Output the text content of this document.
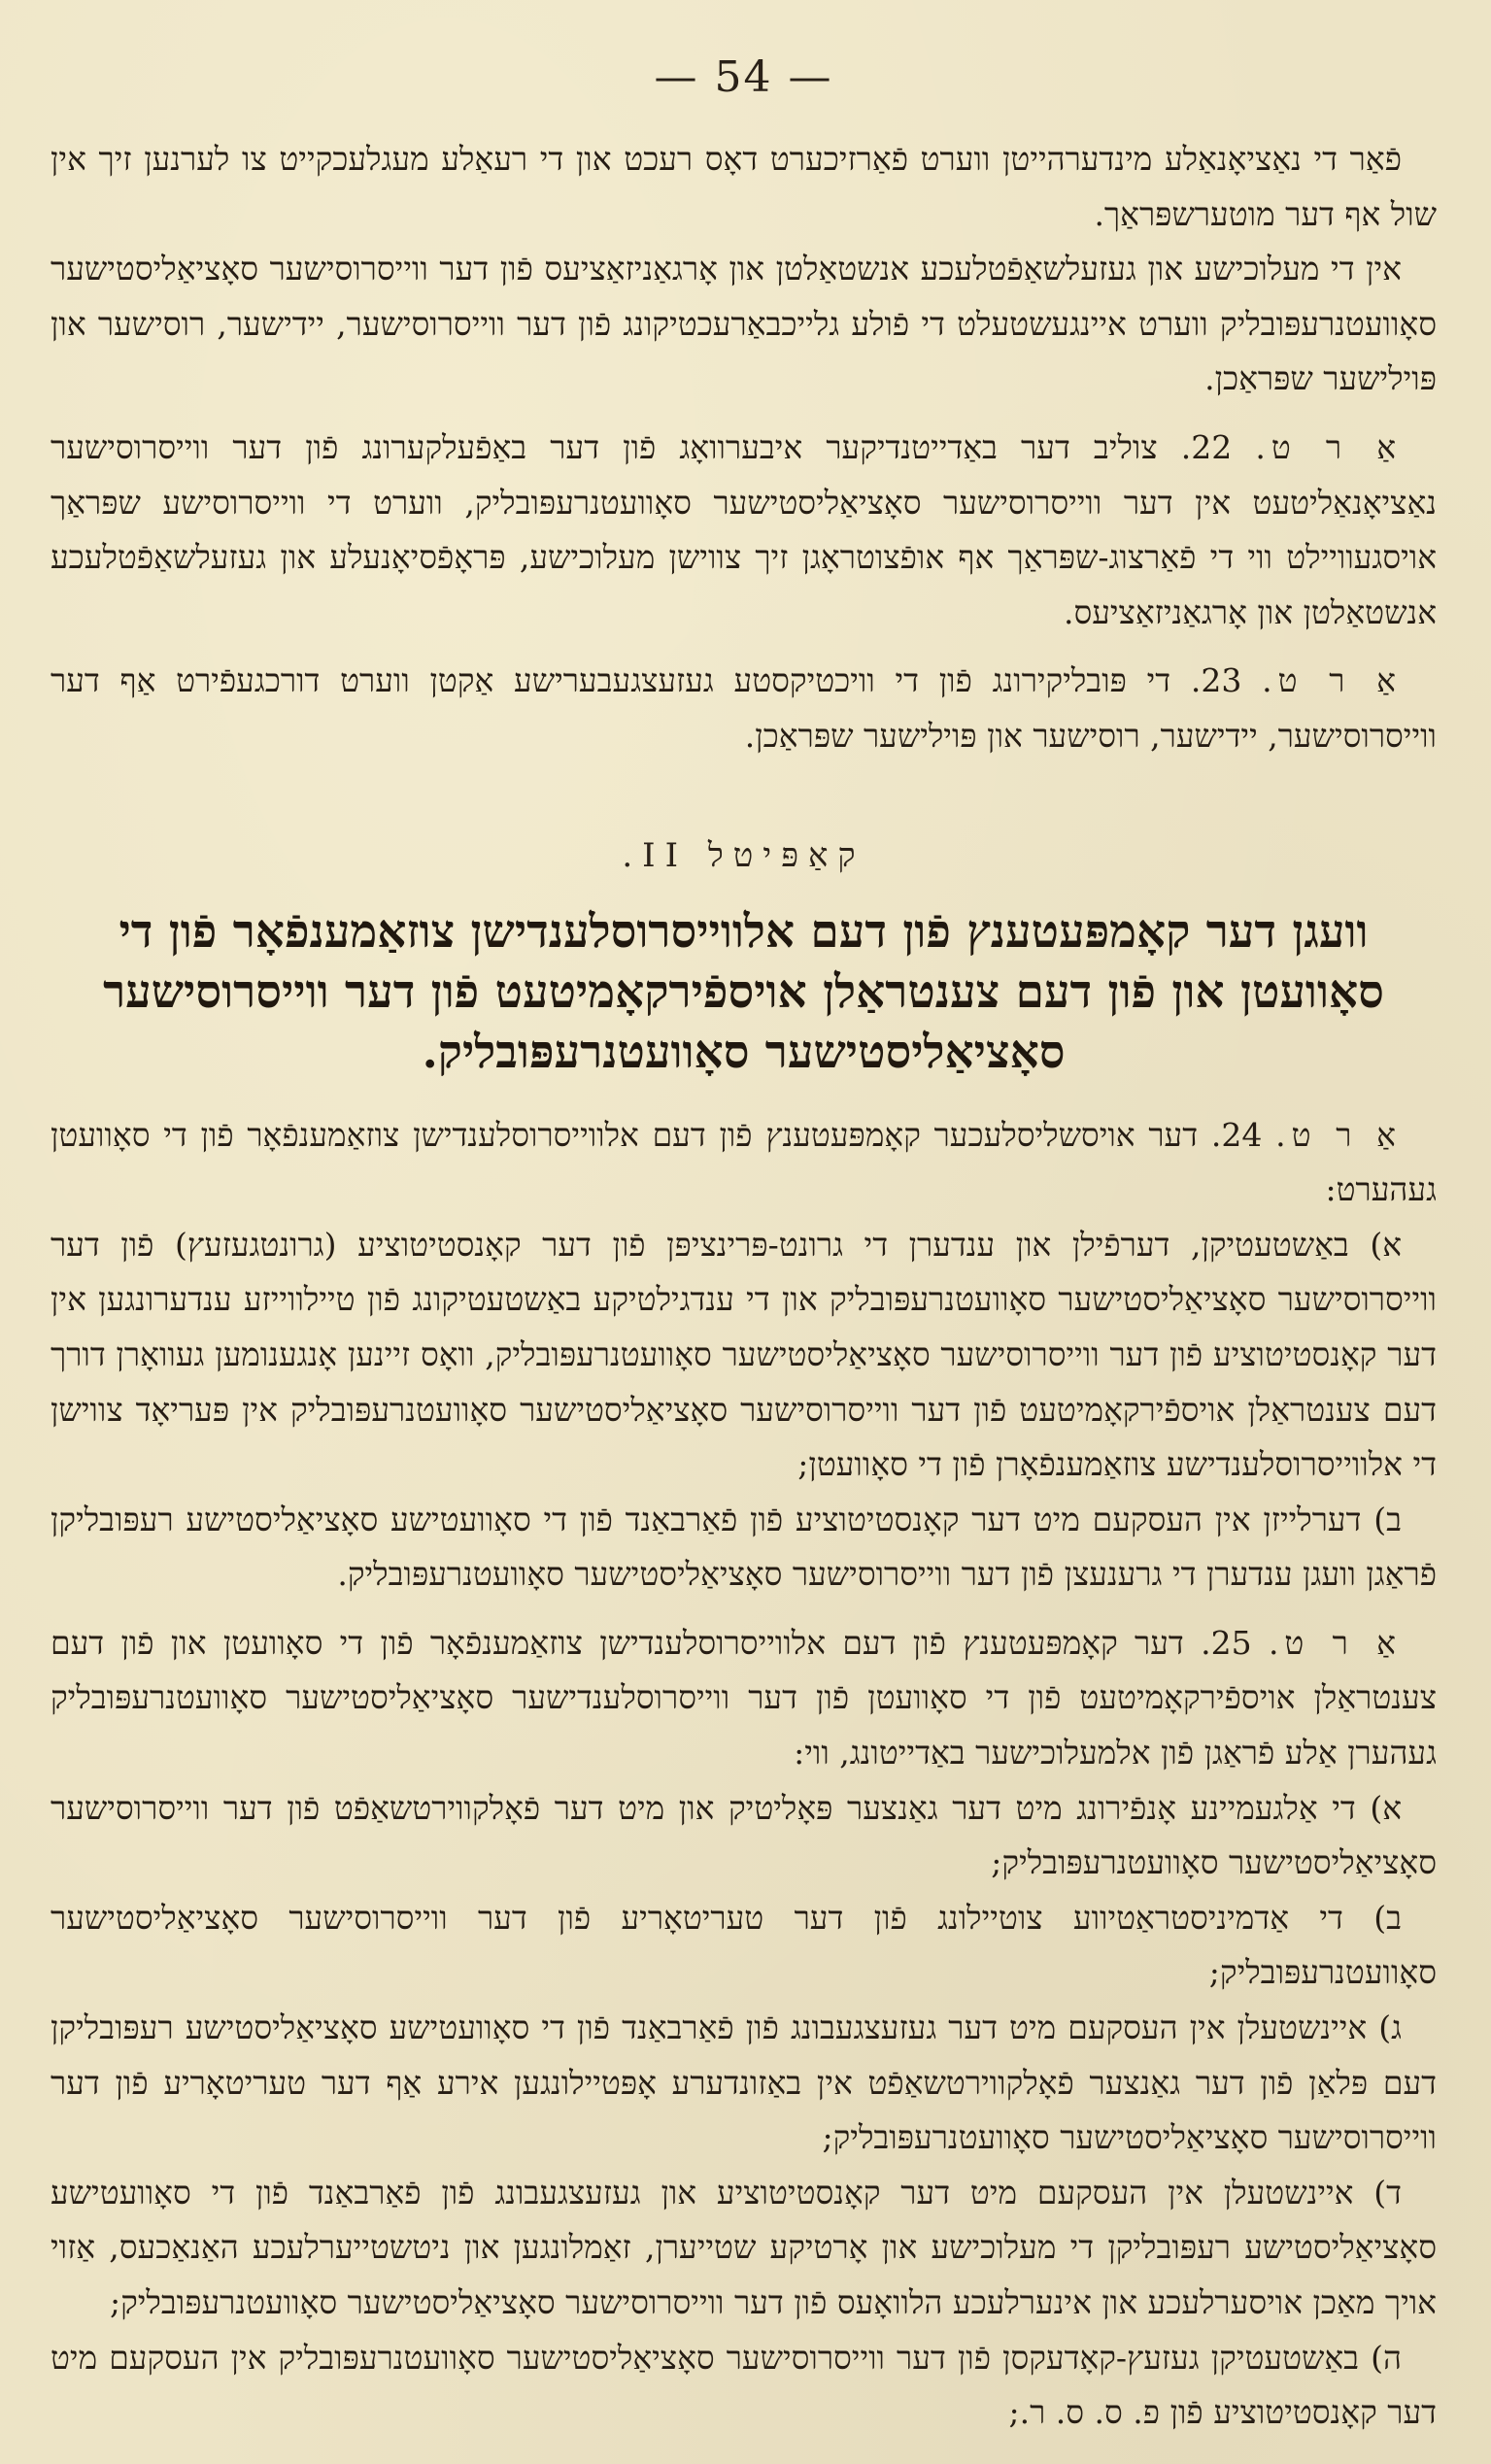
— 54 —

פֿאַר די נאַציאָנאַלע מינדערהייטן ווערט פֿאַרזיכערט דאָס רעכט און די רעאַלע מעגלעכקייט צו לערנען זיך אין שול אף דער מוטערשפּראַך.

אין די מעלוכישע און געזעלשאַפֿטלעכע אנשטאַלטן און אָרגאַניזאַציעס פֿון דער ווייסרוסישער סאָציאַליסטישער סאָוועטנרעפּובליק ווערט איינגעשטעלט די פֿולע גלייכבאַרעכטיקונג פֿון דער ווייסרוסישער, יידישער, רוסישער און פּוילישער שפּראַכן.

אַ ר ט. 22. צוליב דער באַדייטנדיקער איבערוואָג פֿון דער באַפֿעלקערונג פֿון דער ווייסרוסישער נאַציאָנאַליטעט אין דער ווייסרוסישער סאָציאַליסטישער סאָוועטנרעפּובליק, ווערט די ווייסרוסישע שפּראַך אויסגעוויילט ווי די פֿאַרצוג-שפּראַך אף אופֿצוטראָגן זיך צווישן מעלוכישע, פּראָפֿסיאָנעלע און געזעלשאַפֿטלעכע אנשטאַלטן און אָרגאַניזאַציעס.

אַ ר ט. 23. די פּובליקירונג פֿון די וויכטיקסטע געזעצגעבערישע אַקטן ווערט דורכגעפֿירט אַף דער ווייסרוסישער, יידישער, רוסישער און פּוילישער שפּראַכן.

קאַפּיטל II.
וועגן דער קאָמפּעטענץ פֿון דעם אלווייסרוסלענדישן צוזאַמענפֿאָר פֿון די סאָוועטן און פֿון דעם צענטראַלן אויספֿירקאָמיטעט פֿון דער ווייסרוסישער סאָציאַליסטישער סאָוועטנרעפּובליק.

אַ ר ט. 24. דער אויסשליסלעכער קאָמפּעטענץ פֿון דעם אלווייסרוסלענדישן צוזאַמענפֿאָר פֿון די סאָוועטן געהערט:

א) באַשטעטיקן, דערפֿילן און ענדערן די גרונט-פּרינציפּן פֿון דער קאָנסטיטוציע (גרונטגעזעץ) פֿון דער ווייסרוסישער סאָציאַליסטישער סאָוועטנרעפּובליק און די ענדגילטיקע באַשטעטיקונג פֿון טיילווייזע ענדערונגען אין דער קאָנסטיטוציע פֿון דער ווייסרוסישער סאָציאַליסטישער סאָוועטנרעפּובליק, וואָס זיינען אָנגענומען געוואָרן דורך דעם צענטראַלן אויספֿירקאָמיטעט פֿון דער ווייסרוסישער סאָציאַליסטישער סאָוועטנרעפּובליק אין פּעריאָד צווישן די אלווייסרוסלענדישע צוזאַמענפֿאָרן פֿון די סאָוועטן;

ב) דערלייזן אין העסקעם מיט דער קאָנסטיטוציע פֿון פֿאַרבאַנד פֿון די סאָוועטישע סאָציאַליסטישע רעפּובליקן פֿראַגן וועגן ענדערן די גרענעצן פֿון דער ווייסרוסישער סאָציאַליסטישער סאָוועטנרעפּובליק.

אַ ר ט. 25. דער קאָמפּעטענץ פֿון דעם אלווייסרוסלענדישן צוזאַמענפֿאָר פֿון די סאָוועטן און פֿון דעם צענטראַלן אויספֿירקאָמיטעט פֿון די סאָוועטן פֿון דער ווייסרוסלענדישער סאָציאַליסטישער סאָוועטנרעפּובליק געהערן אַלע פֿראַגן פֿון אלמעלוכישער באַדייטונג, ווי:

א) די אַלגעמיינע אָנפֿירונג מיט דער גאַנצער פּאָליטיק און מיט דער פֿאָלקווירטשאַפֿט פֿון דער ווייסרוסישער סאָציאַליסטישער סאָוועטנרעפּובליק;

ב) די אַדמיניסטראַטיווע צוטיילונג פֿון דער טעריטאָריע פֿון דער ווייסרוסישער סאָציאַליסטישער סאָוועטנרעפּובליק;

ג) איינשטעלן אין העסקעם מיט דער געזעצגעבונג פֿון פֿאַרבאַנד פֿון די סאָוועטישע סאָציאַליסטישע רעפּובליקן דעם פּלאַן פֿון דער גאַנצער פֿאָלקווירטשאַפֿט אין באַזונדערע אָפּטיילונגען אירע אַף דער טעריטאָריע פֿון דער ווייסרוסישער סאָציאַליסטישער סאָוועטנרעפּובליק;

ד) איינשטעלן אין העסקעם מיט דער קאָנסטיטוציע און געזעצגעבונג פֿון פֿאַרבאַנד פֿון די סאָוועטישע סאָציאַליסטישע רעפּובליקן די מעלוכישע און אָרטיקע שטייערן, זאַמלונגען און ניטשטייערלעכע האַנאַכעס, אַזוי אויך מאַכן אויסערלעכע און אינערלעכע הלוואָעס פֿון דער ווייסרוסישער סאָציאַליסטישער סאָוועטנרעפּובליק;

ה) באַשטעטיקן געזעץ-קאָדעקסן פֿון דער ווייסרוסישער סאָציאַליסטישער סאָוועטנרעפּובליק אין העסקעם מיט דער קאָנסטיטוציע פֿון פ. ס. ס. ר.;
